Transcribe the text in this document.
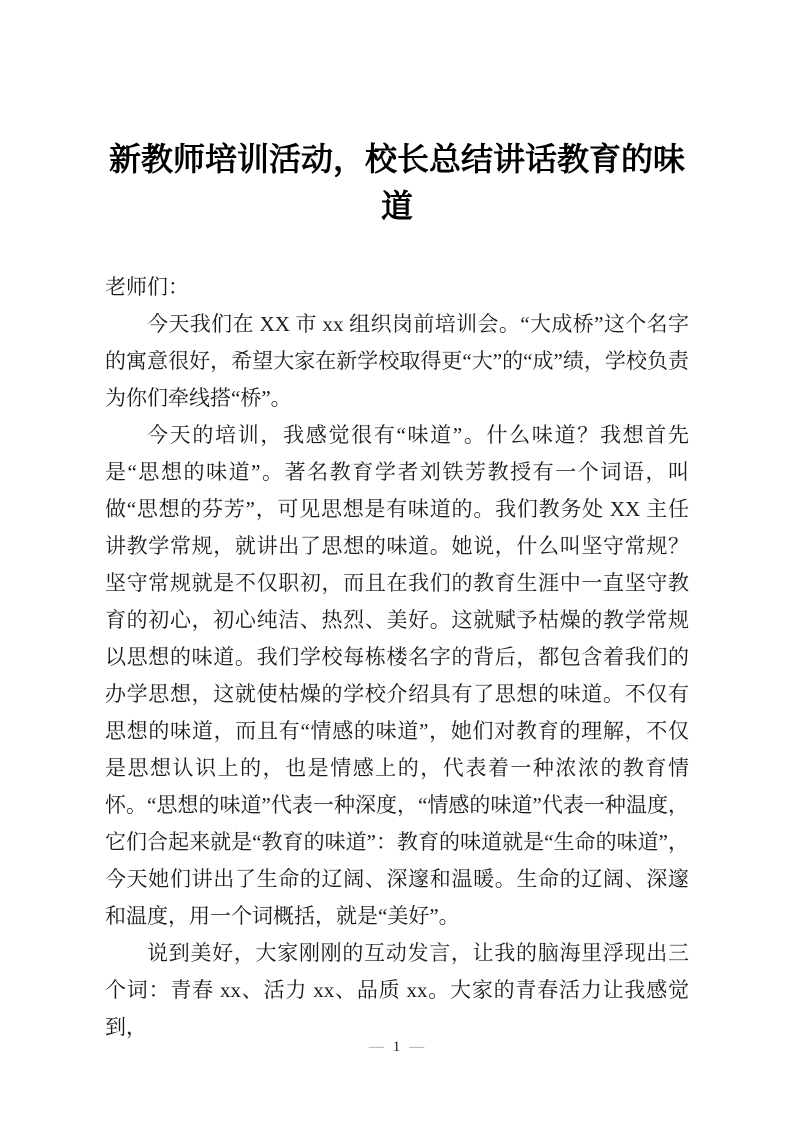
新教师培训活动，校长总结讲话教育的味道

老师们：

今天我们在 XX 市 xx 组织岗前培训会。“大成桥”这个名字的寓意很好，希望大家在新学校取得更“大”的“成”绩，学校负责为你们牵线搭“桥”。

今天的培训，我感觉很有“味道”。什么味道？我想首先是“思想的味道”。著名教育学者刘铁芳教授有一个词语，叫做“思想的芬芳”，可见思想是有味道的。我们教务处 XX 主任讲教学常规，就讲出了思想的味道。她说，什么叫坚守常规？坚守常规就是不仅职初，而且在我们的教育生涯中一直坚守教育的初心，初心纯洁、热烈、美好。这就赋予枯燥的教学常规以思想的味道。我们学校每栋楼名字的背后，都包含着我们的办学思想，这就使枯燥的学校介绍具有了思想的味道。不仅有思想的味道，而且有“情感的味道”，她们对教育的理解，不仅是思想认识上的，也是情感上的，代表着一种浓浓的教育情怀。“思想的味道”代表一种深度，“情感的味道”代表一种温度，它们合起来就是“教育的味道”：教育的味道就是“生命的味道”，今天她们讲出了生命的辽阔、深邃和温暖。生命的辽阔、深邃和温度，用一个词概括，就是“美好”。

说到美好，大家刚刚的互动发言，让我的脑海里浮现出三个词：青春 xx、活力 xx、品质 xx。大家的青春活力让我感觉到，

— 1 —
